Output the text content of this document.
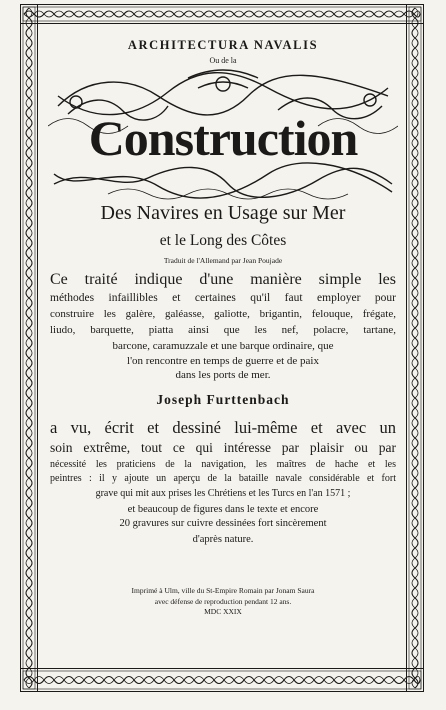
ARCHITECTURA NAVALIS
Ou de la
Construction
Des Navires en Usage sur Mer
et le Long des Côtes
Traduit de l'Allemand par Jean Poujade
Ce traité indique d'une manière simple les
méthodes infaillibles et certaines qu'il faut employer pour
construire les galère, galéasse, galiotte, brigantin, felouque, frégate,
liudo, barquette, piatta ainsi que les nef, polacre, tartane,
barcone, caramuzzale et une barque ordinaire, que
l'on rencontre en temps de guerre et de paix
dans les ports de mer.
Joseph Furttenbach
a vu, écrit et dessiné lui-même et avec un
soin extrême, tout ce qui intéresse par plaisir ou par
nécessité les praticiens de la navigation, les maîtres de hache et les
peintres : il y ajoute un aperçu de la bataille navale considérable et fort
grave qui mit aux prises les Chrétiens et les Turcs en l'an 1571 ;
et beaucoup de figures dans le texte et encore
20 gravures sur cuivre dessinées fort sincèrement
d'après nature.
Imprimé à Ulm, ville du St-Empire Romain par Jonam Saura
avec défense de reproduction pendant 12 ans.
MDC XXIX
